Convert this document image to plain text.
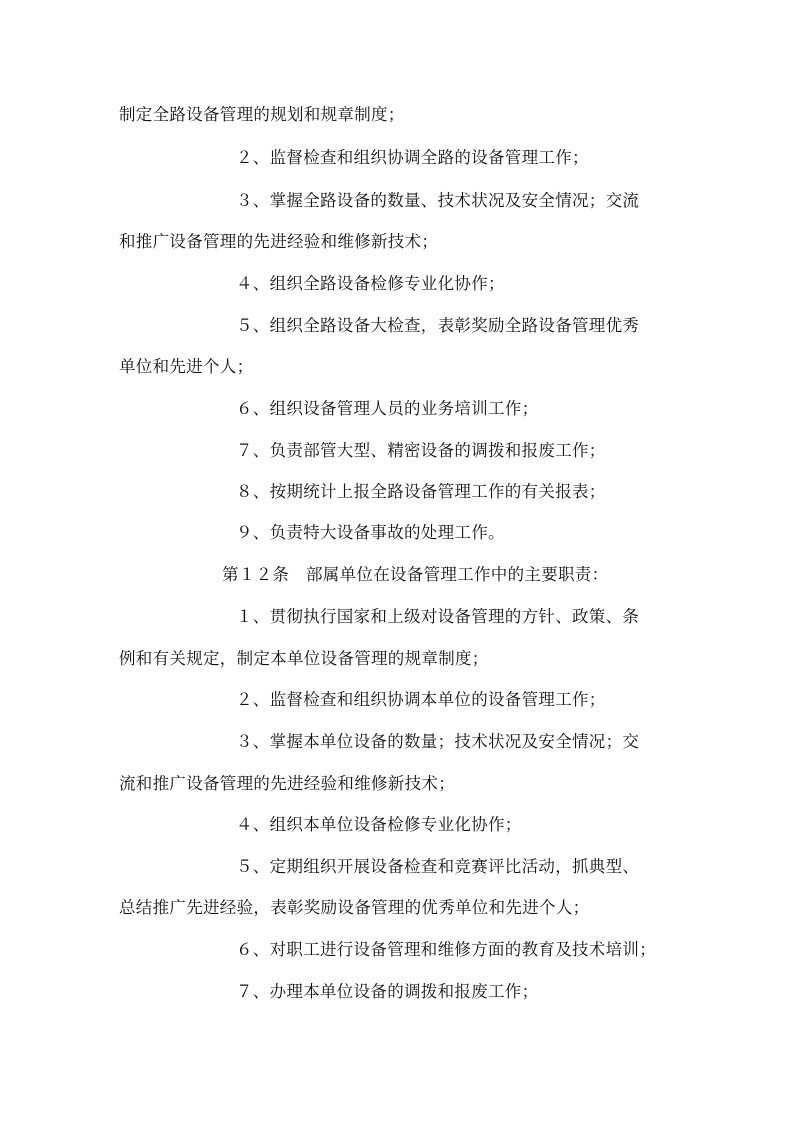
制定全路设备管理的规划和规章制度；
２、监督检查和组织协调全路的设备管理工作；
３、掌握全路设备的数量、技术状况及安全情况；交流
和推广设备管理的先进经验和维修新技术；
４、组织全路设备检修专业化协作；
５、组织全路设备大检查，表彰奖励全路设备管理优秀
单位和先进个人；
６、组织设备管理人员的业务培训工作；
７、负责部管大型、精密设备的调拨和报废工作；
８、按期统计上报全路设备管理工作的有关报表；
９、负责特大设备事故的处理工作。
第１２条　部属单位在设备管理工作中的主要职责：
１、贯彻执行国家和上级对设备管理的方针、政策、条
例和有关规定，制定本单位设备管理的规章制度；
２、监督检查和组织协调本单位的设备管理工作；
３、掌握本单位设备的数量；技术状况及安全情况；交
流和推广设备管理的先进经验和维修新技术；
４、组织本单位设备检修专业化协作；
５、定期组织开展设备检查和竞赛评比活动，抓典型、
总结推广先进经验，表彰奖励设备管理的优秀单位和先进个人；
６、对职工进行设备管理和维修方面的教育及技术培训；
７、办理本单位设备的调拨和报废工作；
